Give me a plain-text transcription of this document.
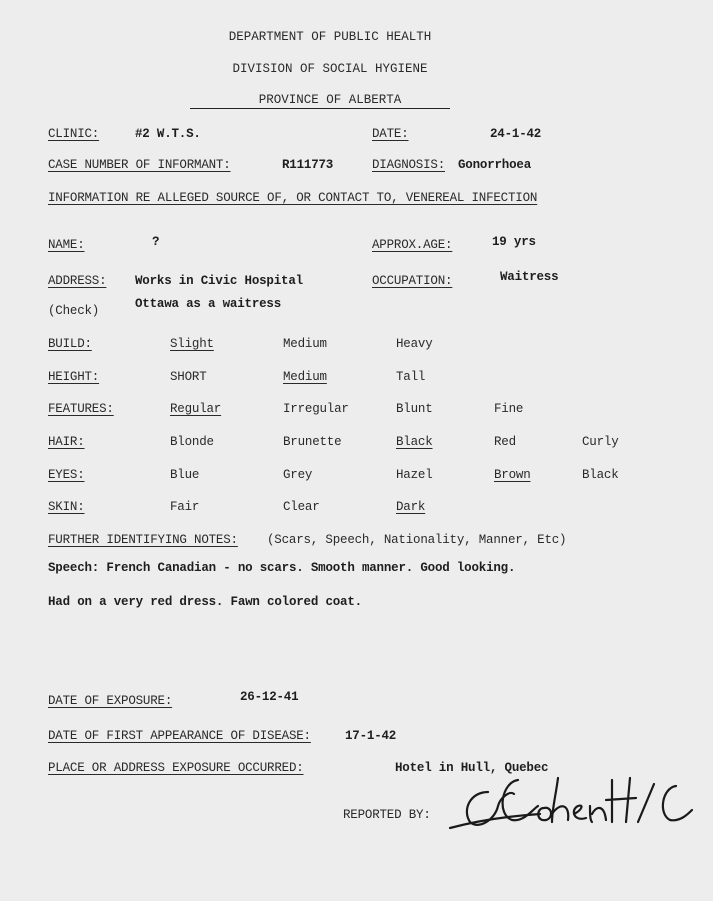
DEPARTMENT OF PUBLIC HEALTH
DIVISION OF SOCIAL HYGIENE
PROVINCE OF ALBERTA
CLINIC:	#2 W.T.S.	DATE:	24-1-42
CASE NUMBER OF INFORMANT:	R111773	DIAGNOSIS: Gonorrhoea
INFORMATION RE ALLEGED SOURCE OF, OR CONTACT TO, VENEREAL INFECTION
NAME:	?	APPROX.AGE:	19 yrs
ADDRESS: Works in Civic Hospital	OCCUPATION:	Waitress
(Check)	Ottawa as a waitress
BUILD:	Slight	Medium	Heavy
HEIGHT:	SHORT	Medium	Tall
FEATURES:	Regular	Irregular	Blunt	Fine
HAIR:	Blonde	Brunette	Black	Red	Curly
EYES:	Blue	Grey	Hazel	Brown	Black
SKIN:	Fair	Clear	Dark
FURTHER IDENTIFYING NOTES: (Scars, Speech, Nationality, Manner, Etc)
Speech: French Canadian - no scars. Smooth manner. Good looking.
Had on a very red dress. Fawn colored coat.
DATE OF EXPOSURE:	26-12-41
DATE OF FIRST APPEARANCE OF DISEASE:	17-1-42
PLACE OR ADDRESS EXPOSURE OCCURRED:	Hotel in Hull, Quebec
REPORTED BY:
